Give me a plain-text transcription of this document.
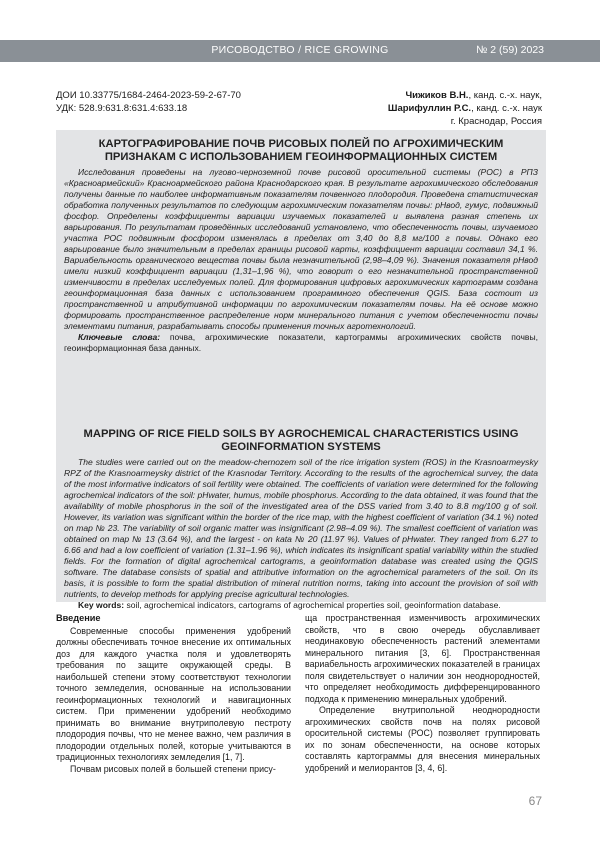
РИСОВОДСТВО / RICE GROWING	№ 2 (59) 2023
ДОИ 10.33775/1684-2464-2023-59-2-67-70
УДК: 528.9:631.8:631.4:633.18
Чижиков В.Н., канд. с.-х. наук,
Шарифуллин Р.С., канд. с.-х. наук
г. Краснодар, Россия
КАРТОГРАФИРОВАНИЕ ПОЧВ РИСОВЫХ ПОЛЕЙ ПО АГРОХИМИЧЕСКИМ ПРИЗНАКАМ С ИСПОЛЬЗОВАНИЕМ ГЕОИНФОРМАЦИОННЫХ СИСТЕМ

Исследования проведены на лугово-черноземной почве рисовой оросительной системы (РОС) в РПЗ «Красноармейский» Красноармейского района Краснодарского края. В результате агрохимического обследования получены данные по наиболее информативным показателям почвенного плодородия. Проведена статистическая обработка полученных результатов по следующим агрохимическим показателям почвы: рНвод, гумус, подвижный фосфор. Определены коэффициенты вариации изучаемых показателей и выявлена разная степень их варьирования. По результатам проведённых исследований установлено, что обеспеченность почвы, изучаемого участка РОС подвижным фосфором изменялась в пределах от 3,40 до 8,8 мг/100 г почвы. Однако его варьирование было значительным в пределах границы рисовой карты, коэффициент вариации составил 34,1 %. Вариабельность органического вещества почвы была незначительной (2,98–4,09 %). Значения показателя рНвод имели низкий коэффициент вариации (1,31–1,96 %), что говорит о его незначительной пространственной изменчивости в пределах исследуемых полей. Для формирования цифровых агрохимических картограмм создана геоинформационная база данных с использованием программного обеспечения QGIS. База состоит из пространственной и атрибутивной информации по агрохимическим показателям почвы. На её основе можно формировать пространственное распределение норм минерального питания с учетом обеспеченности почвы элементами питания, разрабатывать способы применения точных агротехнологий.

Ключевые слова: почва, агрохимические показатели, картограммы агрохимических свойств почвы, геоинформационная база данных.

MAPPING OF RICE FIELD SOILS BY AGROCHEMICAL CHARACTERISTICS USING GEOINFORMATION SYSTEMS

The studies were carried out on the meadow-chernozem soil of the rice irrigation system (ROS) in the Krasnoarmeysky RPZ of the Krasnoarmeysky district of the Krasnodar Territory. According to the results of the agrochemical survey, the data of the most informative indicators of soil fertility were obtained. The coefficients of variation were determined for the following agrochemical indicators of the soil: pHwater, humus, mobile phosphorus. According to the data obtained, it was found that the availability of mobile phosphorus in the soil of the investigated area of the DSS varied from 3.40 to 8.8 mg/100 g of soil. However, its variation was significant within the border of the rice map, with the highest coefficient of variation (34.1 %) noted on map № 23. The variability of soil organic matter was insignificant (2.98–4.09 %). The smallest coefficient of variation was obtained on map № 13 (3.64 %), and the largest - on kata № 20 (11.97 %). Values of pHwater. They ranged from 6.27 to 6.66 and had a low coefficient of variation (1.31–1.96 %), which indicates its insignificant spatial variability within the studied fields. For the formation of digital agrochemical cartograms, a geoinformation database was created using the QGIS software. The database consists of spatial and attributive information on the agrochemical parameters of the soil. On its basis, it is possible to form the spatial distribution of mineral nutrition norms, taking into account the provision of soil with nutrients, to develop methods for applying precise agricultural technologies.

Key words: soil, agrochemical indicators, cartograms of agrochemical properties soil, geoinformation database.

Введение

Современные способы применения удобрений должны обеспечивать точное внесение их оптимальных доз для каждого участка поля и удовлетворять требования по защите окружающей среды. В наибольшей степени этому соответствуют технологии точного земледелия, основанные на использовании геоинформационных технологий и навигационных систем. При применении удобрений необходимо принимать во внимание внутриполевую пестроту плодородия почвы, что не менее важно, чем различия в плодородии отдельных полей, которые учитываются в традиционных технологиях земледелия [1, 7].

Почвам рисовых полей в большей степени прису-

ща пространственная изменчивость агрохимических свойств, что в свою очередь обуславливает неодинаковую обеспеченность растений элементами минерального питания [3, 6]. Пространственная вариабельность агрохимических показателей в границах поля свидетельствует о наличии зон неоднородностей, что определяет необходимость дифференцированного подхода к применению минеральных удобрений.

Определение внутрипольной неоднородности агрохимических свойств почв на полях рисовой оросительной системы (РОС) позволяет группировать их по зонам обеспеченности, на основе которых составлять картограммы для внесения минеральных удобрений и мелиорантов [3, 4, 6].

67
